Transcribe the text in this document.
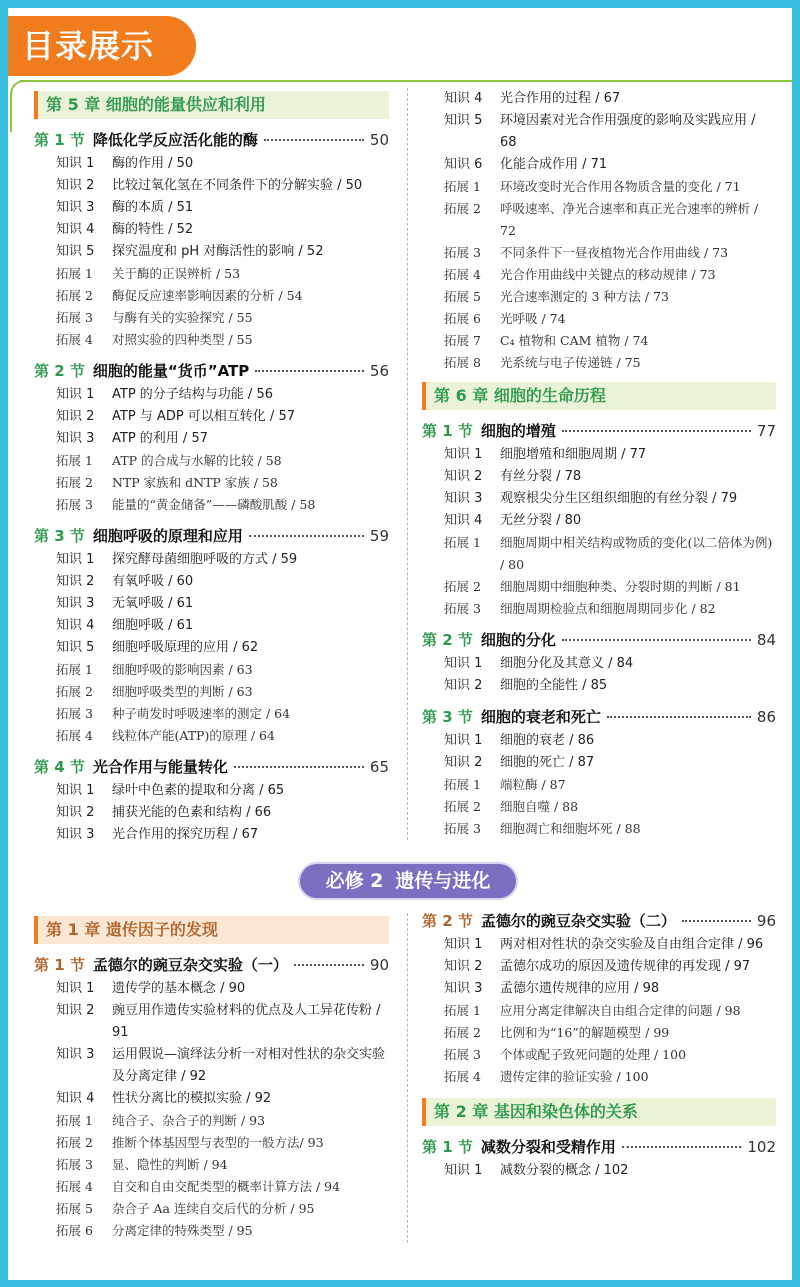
目录展示
第 5 章 细胞的能量供应和利用
第 1 节 降低化学反应活化能的酶	50
知识 1	酶的作用 / 50
知识 2	比较过氧化氢在不同条件下的分解实验 / 50
知识 3	酶的本质 / 51
知识 4	酶的特性 / 52
知识 5	探究温度和 pH 对酶活性的影响 / 52
拓展 1	关于酶的正误辨析 / 53
拓展 2	酶促反应速率影响因素的分析 / 54
拓展 3	与酶有关的实验探究 / 55
拓展 4	对照实验的四种类型 / 55
第 2 节 细胞的能量“货币”ATP	56
知识 1	ATP 的分子结构与功能 / 56
知识 2	ATP 与 ADP 可以相互转化 / 57
知识 3	ATP 的利用 / 57
拓展 1	ATP 的合成与水解的比较 / 58
拓展 2	NTP 家族和 dNTP 家族 / 58
拓展 3	能量的“黄金储备”——磷酸肌酸 / 58
第 3 节 细胞呼吸的原理和应用	59
知识 1	探究酵母菌细胞呼吸的方式 / 59
知识 2	有氧呼吸 / 60
知识 3	无氧呼吸 / 61
知识 4	细胞呼吸 / 61
知识 5	细胞呼吸原理的应用 / 62
拓展 1	细胞呼吸的影响因素 / 63
拓展 2	细胞呼吸类型的判断 / 63
拓展 3	种子萌发时呼吸速率的测定 / 64
拓展 4	线粒体产能(ATP)的原理 / 64
第 4 节 光合作用与能量转化	65
知识 1	绿叶中色素的提取和分离 / 65
知识 2	捕获光能的色素和结构 / 66
知识 3	光合作用的探究历程 / 67
知识 4	光合作用的过程 / 67
知识 5	环境因素对光合作用强度的影响及实践应用 / 68
知识 6	化能合成作用 / 71
拓展 1	环境改变时光合作用各物质含量的变化 / 71
拓展 2	呼吸速率、净光合速率和真正光合速率的辨析 / 72
拓展 3	不同条件下一昼夜植物光合作用曲线 / 73
拓展 4	光合作用曲线中关键点的移动规律 / 73
拓展 5	光合速率测定的 3 种方法 / 73
拓展 6	光呼吸 / 74
拓展 7	C₄ 植物和 CAM 植物 / 74
拓展 8	光系统与电子传递链 / 75
第 6 章 细胞的生命历程
第 1 节 细胞的增殖	77
知识 1	细胞增殖和细胞周期 / 77
知识 2	有丝分裂 / 78
知识 3	观察根尖分生区组织细胞的有丝分裂 / 79
知识 4	无丝分裂 / 80
拓展 1	细胞周期中相关结构或物质的变化(以二倍体为例) / 80
拓展 2	细胞周期中细胞种类、分裂时期的判断 / 81
拓展 3	细胞周期检验点和细胞周期同步化 / 82
第 2 节 细胞的分化	84
知识 1	细胞分化及其意义 / 84
知识 2	细胞的全能性 / 85
第 3 节 细胞的衰老和死亡	86
知识 1	细胞的衰老 / 86
知识 2	细胞的死亡 / 87
拓展 1	端粒酶 / 87
拓展 2	细胞自噬 / 88
拓展 3	细胞凋亡和细胞坏死 / 88
必修 2 遗传与进化
第 1 章 遗传因子的发现
第 1 节 孟德尔的豌豆杂交实验（一）	90
知识 1	遗传学的基本概念 / 90
知识 2	豌豆用作遗传实验材料的优点及人工异花传粉 / 91
知识 3	运用假说—演绎法分析一对相对性状的杂交实验及分离定律 / 92
知识 4	性状分离比的模拟实验 / 92
拓展 1	纯合子、杂合子的判断 / 93
拓展 2	推断个体基因型与表型的一般方法/ 93
拓展 3	显、隐性的判断 / 94
拓展 4	自交和自由交配类型的概率计算方法 / 94
拓展 5	杂合子 Aa 连续自交后代的分析 / 95
拓展 6	分离定律的特殊类型 / 95
第 2 节 孟德尔的豌豆杂交实验（二）	96
知识 1	两对相对性状的杂交实验及自由组合定律 / 96
知识 2	孟德尔成功的原因及遗传规律的再发现 / 97
知识 3	孟德尔遗传规律的应用 / 98
拓展 1	应用分离定律解决自由组合定律的问题 / 98
拓展 2	比例和为“16”的解题模型 / 99
拓展 3	个体或配子致死问题的处理 / 100
拓展 4	遗传定律的验证实验 / 100
第 2 章 基因和染色体的关系
第 1 节 减数分裂和受精作用	102
知识 1	减数分裂的概念 / 102
